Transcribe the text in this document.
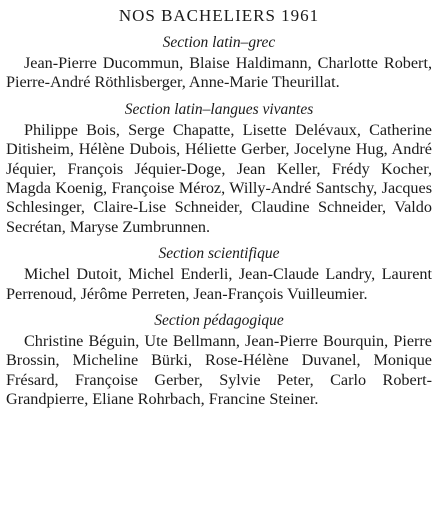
NOS BACHELIERS 1961
Section latin–grec

Jean-Pierre Ducommun, Blaise Haldimann, Charlotte Robert, Pierre-André Röthlisberger, Anne-Marie Theurillat.

Section latin–langues vivantes

Philippe Bois, Serge Chapatte, Lisette Delévaux, Catherine Ditisheim, Hélène Dubois, Héliette Gerber, Jocelyne Hug, André Jéquier, François Jéquier-Doge, Jean Keller, Frédy Kocher, Magda Koenig, Françoise Méroz, Willy-André Santschy, Jacques Schlesinger, Claire-Lise Schneider, Claudine Schneider, Valdo Secrétan, Maryse Zumbrunnen.

Section scientifique

Michel Dutoit, Michel Enderli, Jean-Claude Landry, Laurent Perrenoud, Jérôme Perreten, Jean-François Vuilleumier.

Section pédagogique

Christine Béguin, Ute Bellmann, Jean-Pierre Bourquin, Pierre Brossin, Micheline Bürki, Rose-Hélène Duvanel, Monique Frésard, Françoise Gerber, Sylvie Peter, Carlo Robert-Grandpierre, Eliane Rohrbach, Francine Steiner.
